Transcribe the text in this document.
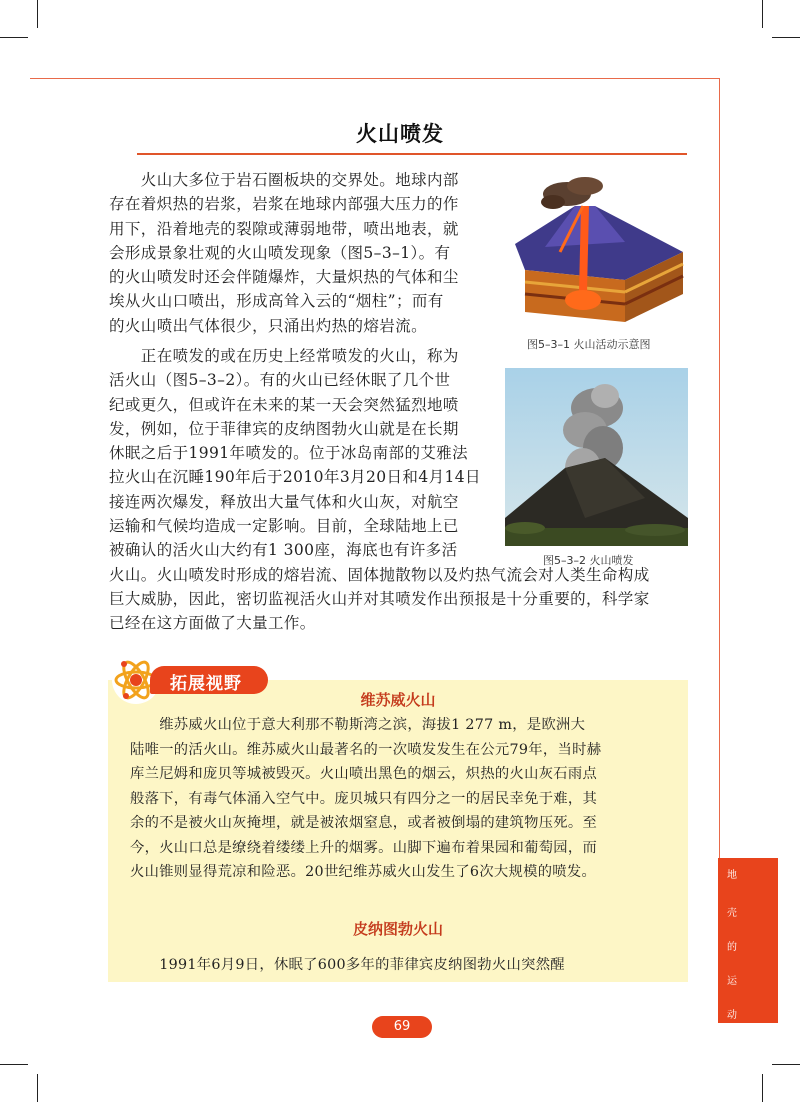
火山喷发
　　火山大多位于岩石圈板块的交界处。地球内部
存在着炽热的岩浆，岩浆在地球内部强大压力的作
用下，沿着地壳的裂隙或薄弱地带，喷出地表，就
会形成景象壮观的火山喷发现象（图5–3–1）。有
的火山喷发时还会伴随爆炸，大量炽热的气体和尘
埃从火山口喷出，形成高耸入云的“烟柱”；而有
的火山喷出气体很少，只涌出灼热的熔岩流。
　　正在喷发的或在历史上经常喷发的火山，称为
活火山（图5–3–2）。有的火山已经休眠了几个世
纪或更久，但或许在未来的某一天会突然猛烈地喷
发，例如，位于菲律宾的皮纳图勃火山就是在长期
休眠之后于1991年喷发的。位于冰岛南部的艾雅法
拉火山在沉睡190年后于2010年3月20日和4月14日
接连两次爆发，释放出大量气体和火山灰，对航空
运输和气候均造成一定影响。目前，全球陆地上已
被确认的活火山大约有1 300座，海底也有许多活
火山。火山喷发时形成的熔岩流、固体抛散物以及灼热气流会对人类生命构成
巨大威胁，因此，密切监视活火山并对其喷发作出预报是十分重要的，科学家
已经在这方面做了大量工作。
图5–3–1 火山活动示意图
图5–3–2 火山喷发
拓展视野
维苏威火山
　　维苏威火山位于意大利那不勒斯湾之滨，海拔1 277 m，是欧洲大
陆唯一的活火山。维苏威火山最著名的一次喷发发生在公元79年，当时赫
库兰尼姆和庞贝等城被毁灭。火山喷出黑色的烟云，炽热的火山灰石雨点
般落下，有毒气体涌入空气中。庞贝城只有四分之一的居民幸免于难，其
余的不是被火山灰掩埋，就是被浓烟窒息，或者被倒塌的建筑物压死。至
今，火山口总是缭绕着缕缕上升的烟雾。山脚下遍布着果园和葡萄园，而
火山锥则显得荒凉和险恶。20世纪维苏威火山发生了6次大规模的喷发。
皮纳图勃火山
　　1991年6月9日，休眠了600多年的菲律宾皮纳图勃火山突然醒
地
壳
的
运
动
69
